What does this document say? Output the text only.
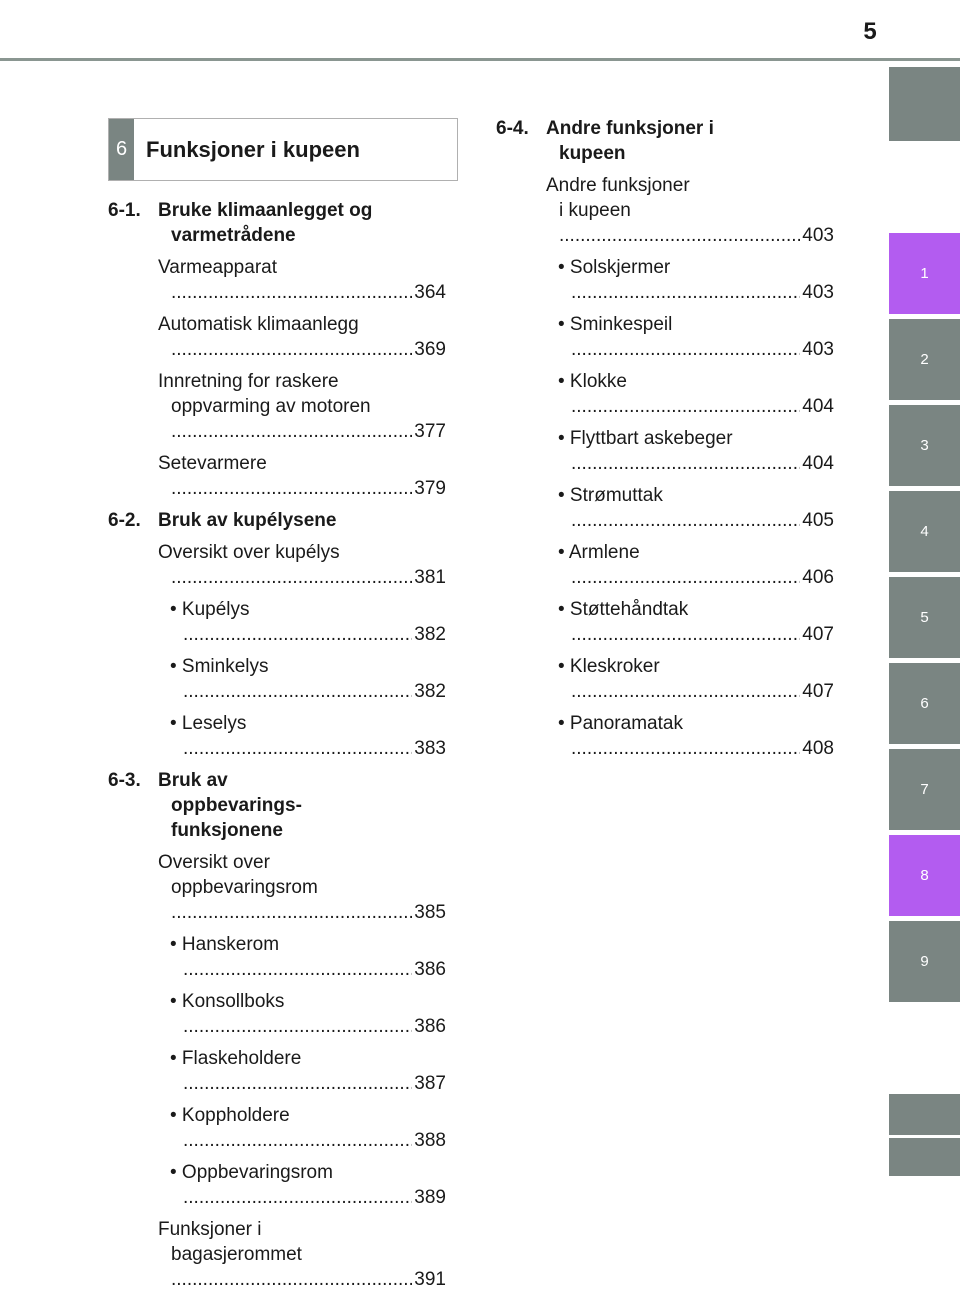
5
1
2
3
4
5
6
7
8
9
6 Funksjoner i kupeen
6-1. Bruke klimaanlegget og varmetrådene
Varmeapparat .....
364
Automatisk klimaanlegg .....
369
Innretning for raskere oppvarming av motoren .....
377
Setevarmere .....
379
6-2. Bruk av kupélysene
Oversikt over kupélys .....
381
• Kupélys .....
382
• Sminkelys .....
382
• Leselys .....
383
6-3. Bruk av oppbevarings-funksjonene
Oversikt over oppbevaringsrom .....
385
• Hanskerom .....
386
• Konsollboks .....
386
• Flaskeholdere .....
387
• Koppholdere .....
388
• Oppbevaringsrom .....
389
Funksjoner i bagasjerommet .....
391
6-4. Andre funksjoner i kupeen
Andre funksjoner i kupeen .....
403
• Solskjermer .....
403
• Sminkespeil .....
403
• Klokke .....
404
• Flyttbart askebeger .....
404
• Strømuttak .....
405
• Armlene .....
406
• Støttehåndtak .....
407
• Kleskroker .....
407
• Panoramatak .....
408
